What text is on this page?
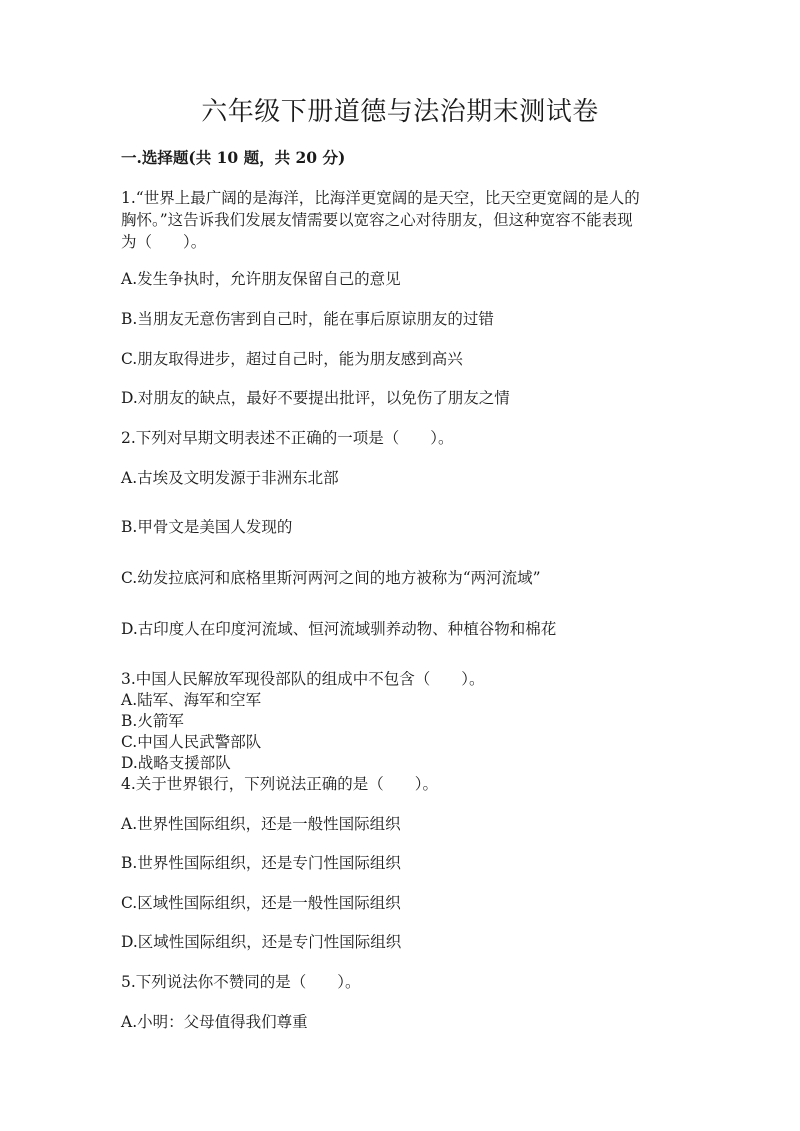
六年级下册道德与法治期末测试卷
一.选择题(共 10 题，共 20 分)
1.“世界上最广阔的是海洋，比海洋更宽阔的是天空，比天空更宽阔的是人的
胸怀。”这告诉我们发展友情需要以宽容之心对待朋友，但这种宽容不能表现
为（　　）。
A.发生争执时，允许朋友保留自己的意见
B.当朋友无意伤害到自己时，能在事后原谅朋友的过错
C.朋友取得进步，超过自己时，能为朋友感到高兴
D.对朋友的缺点，最好不要提出批评，以免伤了朋友之情
2.下列对早期文明表述不正确的一项是（　　）。
A.古埃及文明发源于非洲东北部
B.甲骨文是美国人发现的
C.幼发拉底河和底格里斯河两河之间的地方被称为“两河流域”
D.古印度人在印度河流域、恒河流域驯养动物、种植谷物和棉花
3.中国人民解放军现役部队的组成中不包含（　　）。
A.陆军、海军和空军
B.火箭军
C.中国人民武警部队
D.战略支援部队
4.关于世界银行，下列说法正确的是（　　）。
A.世界性国际组织，还是一般性国际组织
B.世界性国际组织，还是专门性国际组织
C.区域性国际组织，还是一般性国际组织
D.区域性国际组织，还是专门性国际组织
5.下列说法你不赞同的是（　　）。
A.小明：父母值得我们尊重
